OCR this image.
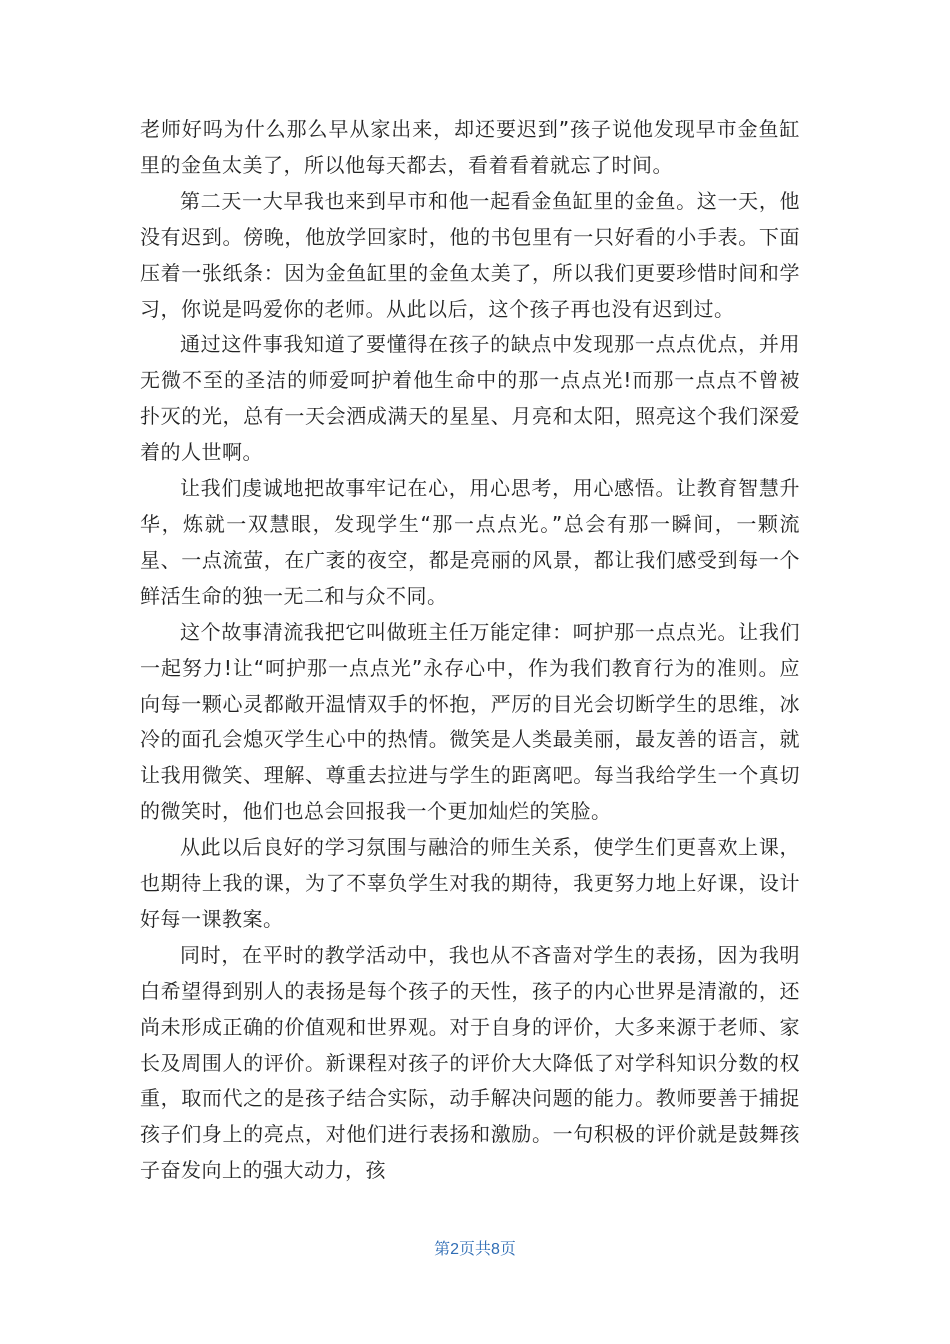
老师好吗为什么那么早从家出来，却还要迟到”孩子说他发现早市金鱼缸里的金鱼太美了，所以他每天都去，看着看着就忘了时间。

第二天一大早我也来到早市和他一起看金鱼缸里的金鱼。这一天，他没有迟到。傍晚，他放学回家时，他的书包里有一只好看的小手表。下面压着一张纸条：因为金鱼缸里的金鱼太美了，所以我们更要珍惜时间和学习，你说是吗爱你的老师。从此以后，这个孩子再也没有迟到过。

通过这件事我知道了要懂得在孩子的缺点中发现那一点点优点，并用无微不至的圣洁的师爱呵护着他生命中的那一点点光!而那一点点不曾被扑灭的光，总有一天会洒成满天的星星、月亮和太阳，照亮这个我们深爱着的人世啊。

让我们虔诚地把故事牢记在心，用心思考，用心感悟。让教育智慧升华，炼就一双慧眼，发现学生“那一点点光。”总会有那一瞬间，一颗流星、一点流萤，在广袤的夜空，都是亮丽的风景，都让我们感受到每一个鲜活生命的独一无二和与众不同。

这个故事清流我把它叫做班主任万能定律：呵护那一点点光。让我们一起努力!让“呵护那一点点光”永存心中，作为我们教育行为的准则。应向每一颗心灵都敞开温情双手的怀抱，严厉的目光会切断学生的思维，冰冷的面孔会熄灭学生心中的热情。微笑是人类最美丽，最友善的语言，就让我用微笑、理解、尊重去拉进与学生的距离吧。每当我给学生一个真切的微笑时，他们也总会回报我一个更加灿烂的笑脸。

从此以后良好的学习氛围与融洽的师生关系，使学生们更喜欢上课，也期待上我的课，为了不辜负学生对我的期待，我更努力地上好课，设计好每一课教案。

同时，在平时的教学活动中，我也从不吝啬对学生的表扬，因为我明白希望得到别人的表扬是每个孩子的天性，孩子的内心世界是清澈的，还尚未形成正确的价值观和世界观。对于自身的评价，大多来源于老师、家长及周围人的评价。新课程对孩子的评价大大降低了对学科知识分数的权重，取而代之的是孩子结合实际，动手解决问题的能力。教师要善于捕捉孩子们身上的亮点，对他们进行表扬和激励。一句积极的评价就是鼓舞孩子奋发向上的强大动力，孩

第2页共8页
